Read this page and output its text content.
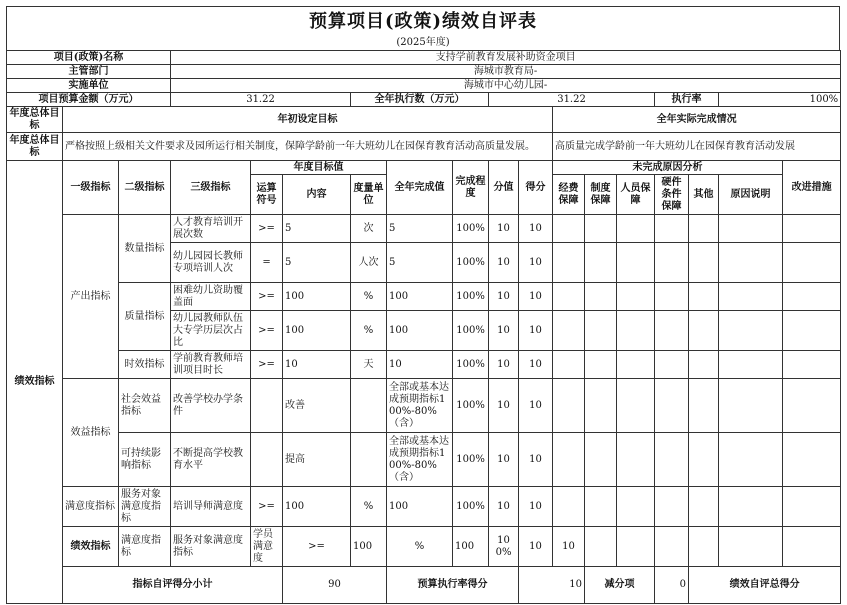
预算项目(政策)绩效自评表
(2025年度)
项目(政策)名称			支持学前教育发展补助资金项目															
主管部门			海城市教育局-															
实施单位			海城市中心幼儿园-															
项目预算金额（万元）			31.22			全年执行数（万元）			31.22					执行率		100%		
年度总体目标	年初设定目标										全年实际完成情况							
年度总体目标	严格按照上级相关文件要求及园所运行相关制度，保障学龄前一年大班幼儿在园保育教育活动高质量发展。										高质量完成学龄前一年大班幼儿在园保育教育活动发展							
绩效指标	一级指标	二级指标	三级指标	年度目标值			全年完成值	完成程度	分值	得分	未完成原因分析						改进措施	
				运算符号	内容	度量单位					经费保障	制度保障	人员保障	硬件条件保障	其他	原因说明		
	产出指标	数量指标	人才教育培训开展次数	>=	5	次	5	100%	10	10								
			幼儿园园长教师专项培训人次	=	5	人次	5	100%	10	10								
		质量指标	困难幼儿资助覆盖面	>=	100	%	100	100%	10	10								
			幼儿园教师队伍大专学历层次占比	>=	100	%	100	100%	10	10								
		时效指标	学前教育教师培训项目时长	>=	10	天	10	100%	10	10								
	效益指标	社会效益指标	改善学校办学条件		改善		全部或基本达成预期指标100%-80%（含）	100%	10	10								
		可持续影响指标	不断提高学校教育水平		提高		全部或基本达成预期指标100%-80%（含）	100%	10	10								
	满意度指标	服务对象满意度指标	培训导师满意度	>=	100	%	100	100%	10	10								
	绩效指标	满意度指标	服务对象满意度指标	学员满意度	>=	100	%	100	100%	10	10							
	指标自评得分小计				90		预算执行率得分			10		减分项		0	绩效自评总得分	
